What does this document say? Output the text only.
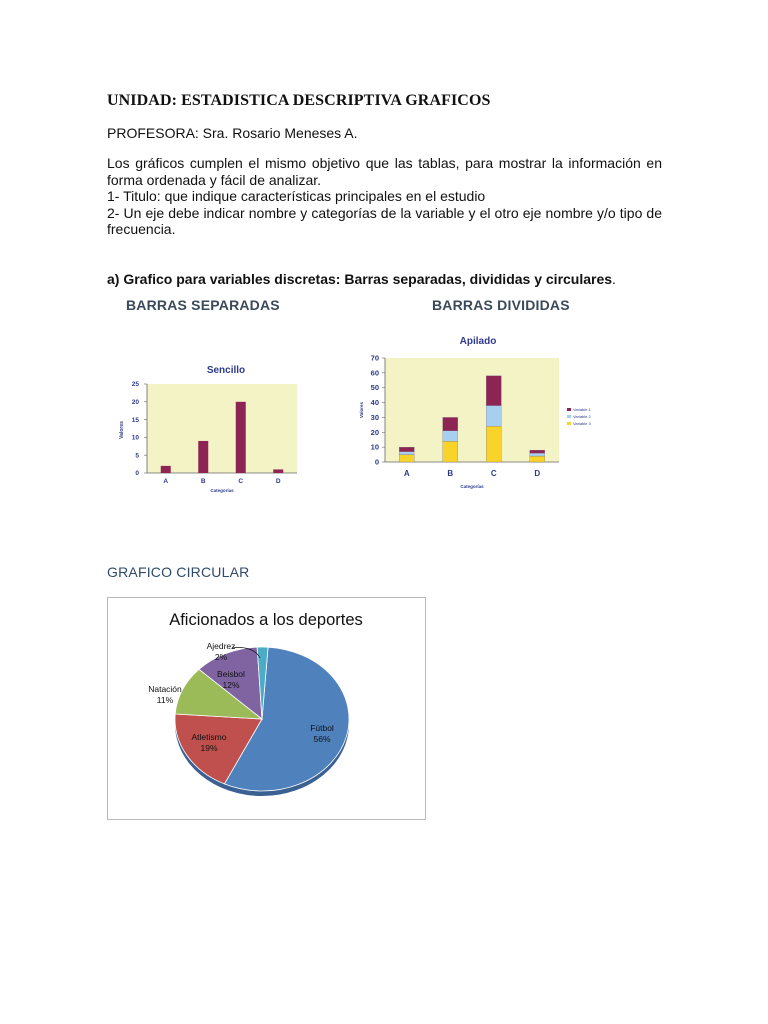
UNIDAD: ESTADISTICA DESCRIPTIVA GRAFICOS
PROFESORA: Sra. Rosario Meneses A.
Los gráficos cumplen el mismo objetivo que las tablas, para mostrar la información en
forma ordenada y fácil de analizar.
1- Titulo: que indique características principales en el estudio
2- Un eje debe indicar nombre y categorías de la variable y el otro eje nombre y/o tipo de
frecuencia.
a) Grafico para variables discretas: Barras separadas, divididas y circulares.
BARRAS SEPARADAS	BARRAS DIVIDIDAS
Sencillo
0
5
10
15
20
25
A	B	C	D
Valores
Categorías
Apilado
0
10
20
30
40
50
60
70
A	B	C	D
Valores
Categorías
Variable 1
Variable 2
Variable 3
GRAFICO CIRCULAR
Aficionados a los deportes
Fútbol
56%
Atletismo
19%
Natación
11%
Beisbol
12%
Ajedrez
2%
